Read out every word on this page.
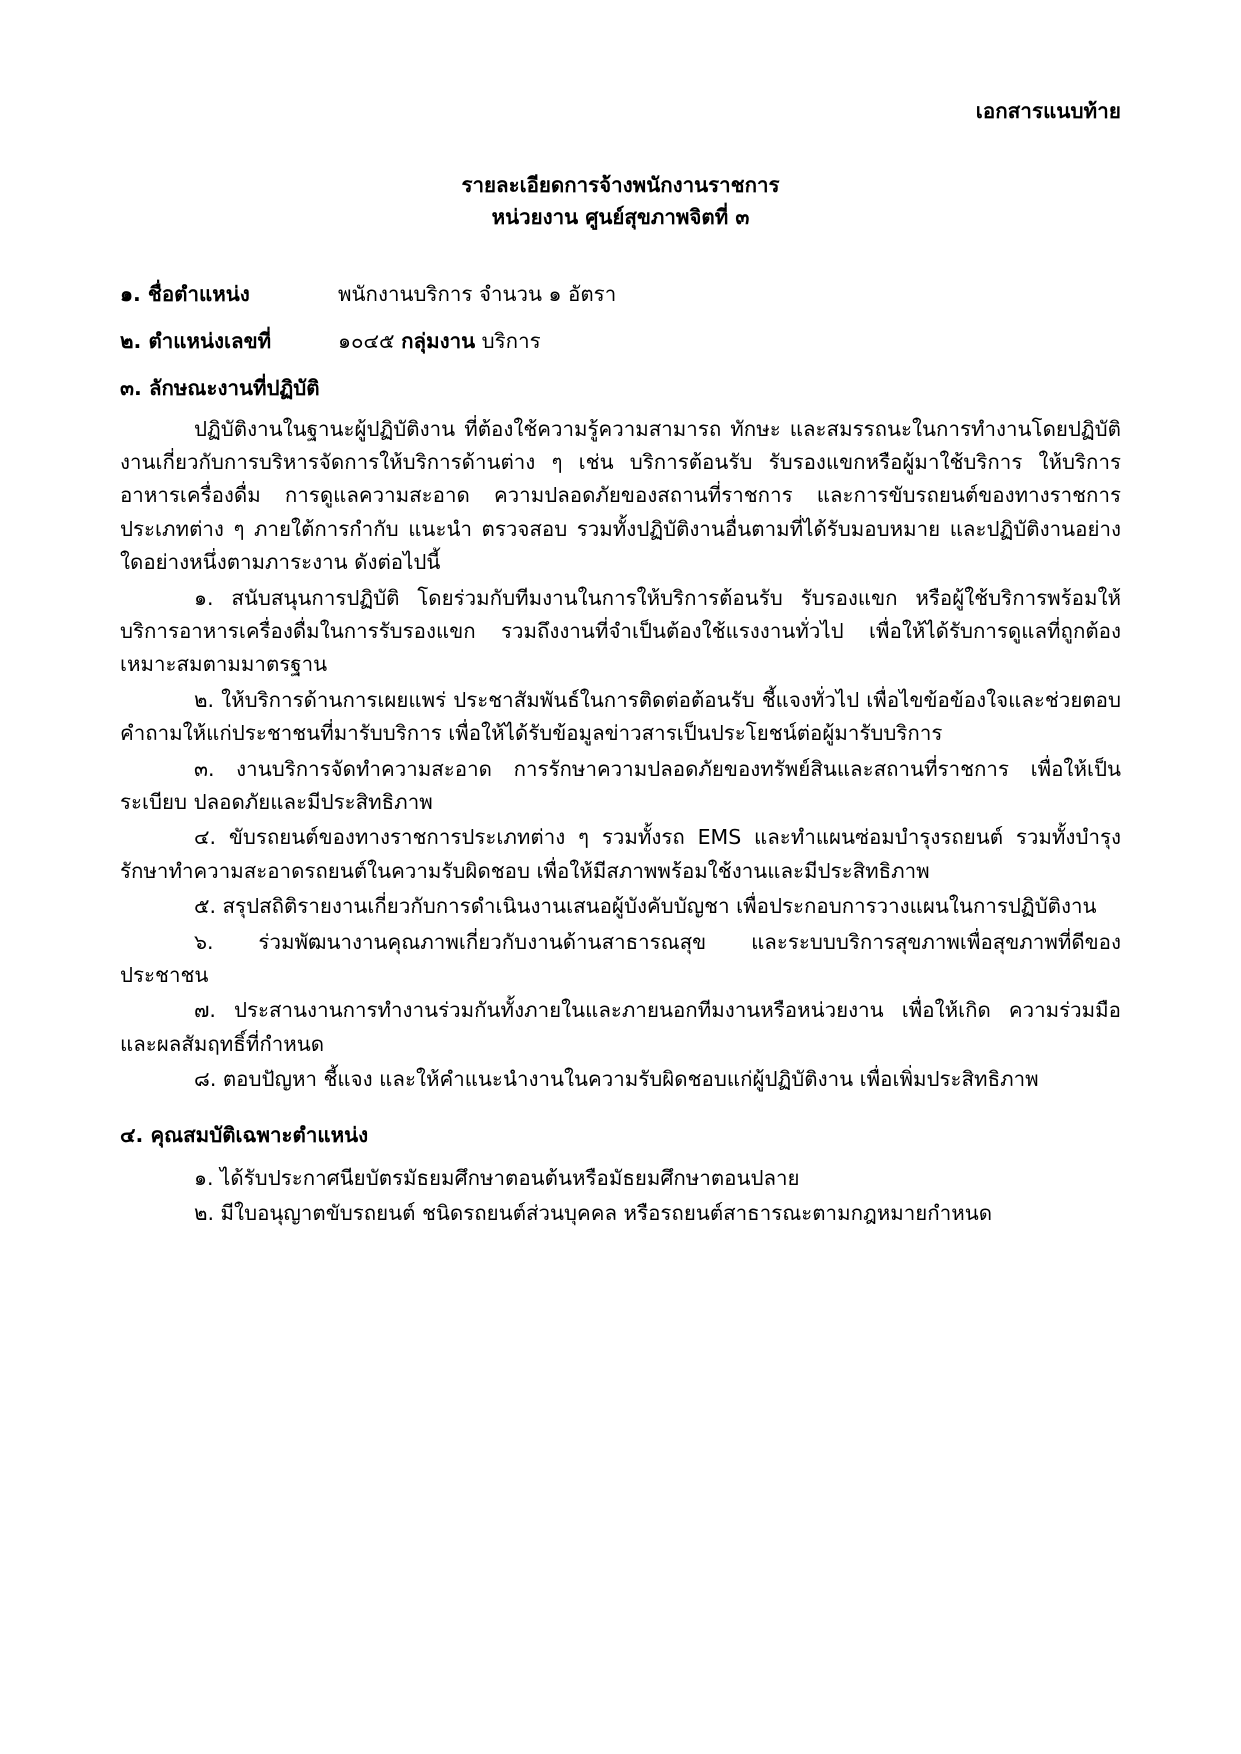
เอกสารแนบท้าย
รายละเอียดการจ้างพนักงานราชการ
หน่วยงาน ศูนย์สุขภาพจิตที่ ๓
๑. ชื่อตำแหน่ง	พนักงานบริการ จำนวน ๑ อัตรา
๒. ตำแหน่งเลขที่	๑๐๔๕ กลุ่มงาน บริการ
๓. ลักษณะงานที่ปฏิบัติ

ปฏิบัติงานในฐานะผู้ปฏิบัติงาน ที่ต้องใช้ความรู้ความสามารถ ทักษะ และสมรรถนะในการทำงานโดยปฏิบัติงานเกี่ยวกับการบริหารจัดการให้บริการด้านต่าง ๆ เช่น บริการต้อนรับ รับรองแขกหรือผู้มาใช้บริการ ให้บริการอาหารเครื่องดื่ม การดูแลความสะอาด ความปลอดภัยของสถานที่ราชการ และการขับรถยนต์ของทางราชการประเภทต่าง ๆ ภายใต้การกำกับ แนะนำ ตรวจสอบ รวมทั้งปฏิบัติงานอื่นตามที่ได้รับมอบหมาย และปฏิบัติงานอย่างใดอย่างหนึ่งตามภาระงาน ดังต่อไปนี้

๑. สนับสนุนการปฏิบัติ โดยร่วมกับทีมงานในการให้บริการต้อนรับ รับรองแขก หรือผู้ใช้บริการพร้อมให้บริการอาหารเครื่องดื่มในการรับรองแขก รวมถึงงานที่จำเป็นต้องใช้แรงงานทั่วไป เพื่อให้ได้รับการดูแลที่ถูกต้องเหมาะสมตามมาตรฐาน

๒. ให้บริการด้านการเผยแพร่ ประชาสัมพันธ์ในการติดต่อต้อนรับ ชี้แจงทั่วไป เพื่อไขข้อข้องใจและช่วยตอบคำถามให้แก่ประชาชนที่มารับบริการ เพื่อให้ได้รับข้อมูลข่าวสารเป็นประโยชน์ต่อผู้มารับบริการ

๓. งานบริการจัดทำความสะอาด การรักษาความปลอดภัยของทรัพย์สินและสถานที่ราชการ เพื่อให้เป็นระเบียบ ปลอดภัยและมีประสิทธิภาพ

๔. ขับรถยนต์ของทางราชการประเภทต่าง ๆ รวมทั้งรถ EMS และทำแผนซ่อมบำรุงรถยนต์ รวมทั้งบำรุงรักษาทำความสะอาดรถยนต์ในความรับผิดชอบ เพื่อให้มีสภาพพร้อมใช้งานและมีประสิทธิภาพ

๕. สรุปสถิติรายงานเกี่ยวกับการดำเนินงานเสนอผู้บังคับบัญชา เพื่อประกอบการวางแผนในการปฏิบัติงาน

๖. ร่วมพัฒนางานคุณภาพเกี่ยวกับงานด้านสาธารณสุข และระบบบริการสุขภาพเพื่อสุขภาพที่ดีของประชาชน

๗. ประสานงานการทำงานร่วมกันทั้งภายในและภายนอกทีมงานหรือหน่วยงาน เพื่อให้เกิด ความร่วมมือและผลสัมฤทธิ์ที่กำหนด

๘. ตอบปัญหา ชี้แจง และให้คำแนะนำงานในความรับผิดชอบแก่ผู้ปฏิบัติงาน เพื่อเพิ่มประสิทธิภาพ

๔. คุณสมบัติเฉพาะตำแหน่ง

๑. ได้รับประกาศนียบัตรมัธยมศึกษาตอนต้นหรือมัธยมศึกษาตอนปลาย

๒. มีใบอนุญาตขับรถยนต์ ชนิดรถยนต์ส่วนบุคคล หรือรถยนต์สาธารณะตามกฎหมายกำหนด
